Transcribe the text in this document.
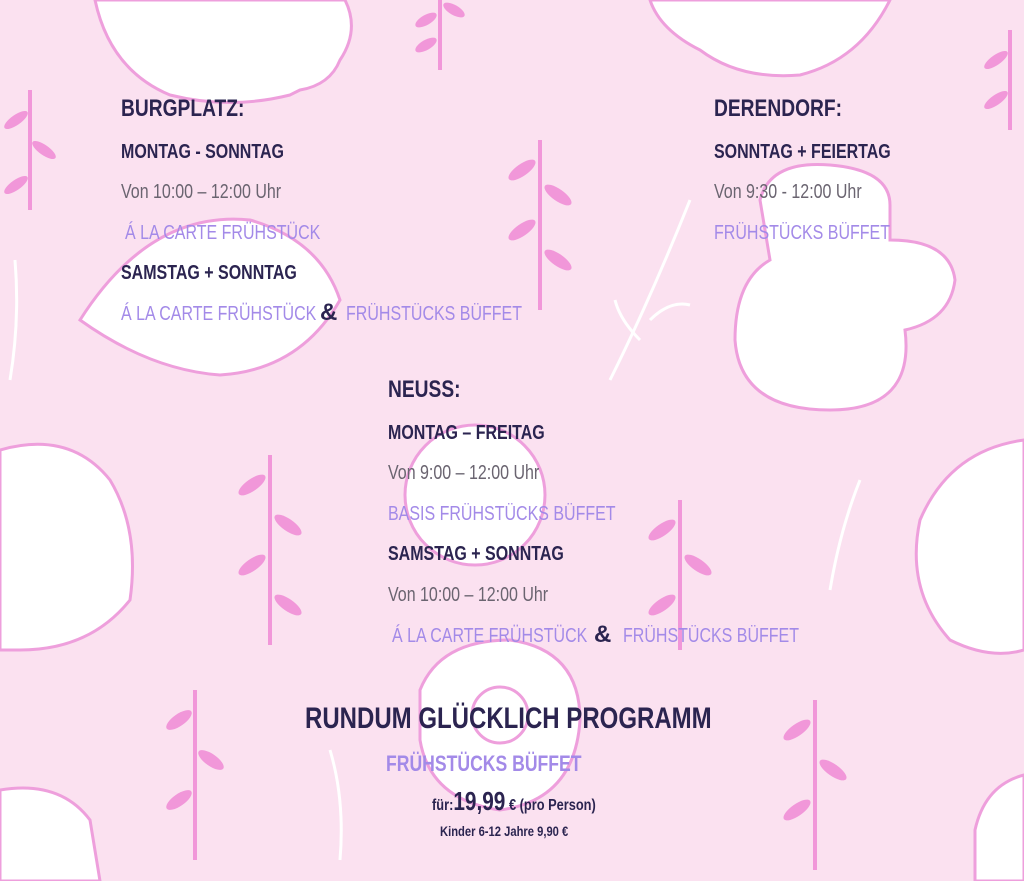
BURGPLATZ:
MONTAG - SONNTAG
Von 10:00 – 12:00 Uhr
Á LA CARTE FRÜHSTÜCK
SAMSTAG + SONNTAG
Á LA CARTE FRÜHSTÜCK & FRÜHSTÜCKS BÜFFET
DERENDORF:
SONNTAG + FEIERTAG
Von 9:30 - 12:00 Uhr
FRÜHSTÜCKS BÜFFET
NEUSS:
MONTAG – FREITAG
Von 9:00 – 12:00 Uhr
BASIS FRÜHSTÜCKS BÜFFET
SAMSTAG + SONNTAG
Von 10:00 – 12:00 Uhr
Á LA CARTE FRÜHSTÜCK & FRÜHSTÜCKS BÜFFET
RUNDUM GLÜCKLICH PROGRAMM
FRÜHSTÜCKS BÜFFET
für:19,99 € (pro Person)
Kinder 6-12 Jahre 9,90 €
